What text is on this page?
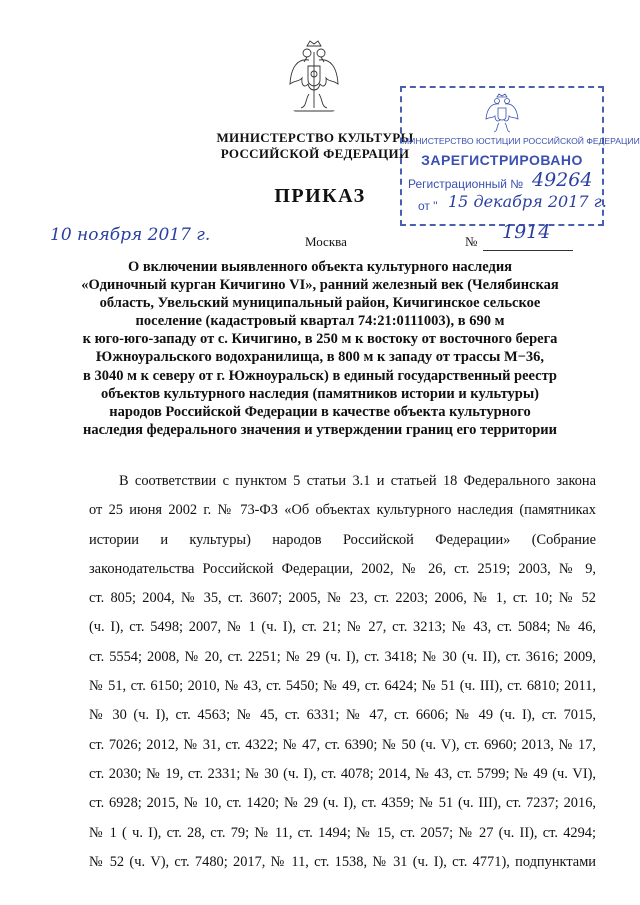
МИНИСТЕРСТВО КУЛЬТУРЫ
РОССИЙСКОЙ ФЕДЕРАЦИИ
МИНИСТЕРСТВО ЮСТИЦИИ РОССИЙСКОЙ ФЕДЕРАЦИИ
ЗАРЕГИСТРИРОВАНО
Регистрационный № 49264
от " 15 декабря 2017 г.
ПРИКАЗ
10 ноября 2017 г.	Москва	№ 1914
О включении выявленного объекта культурного наследия
«Одиночный курган Кичигино VI», ранний железный век (Челябинская
область, Увельский муниципальный район, Кичигинское сельское
поселение (кадастровый квартал 74:21:0111003), в 690 м
к юго-юго-западу от с. Кичигино, в 250 м к востоку от восточного берега
Южноуральского водохранилища, в 800 м к западу от трассы М−36,
в 3040 м к северу от г. Южноуральск) в единый государственный реестр
объектов культурного наследия (памятников истории и культуры)
народов Российской Федерации в качестве объекта культурного
наследия федерального значения и утверждении границ его территории
В соответствии с пунктом 5 статьи 3.1 и статьей 18 Федерального закона
от 25 июня 2002 г. № 73-ФЗ «Об объектах культурного наследия (памятниках
истории и культуры) народов Российской Федерации» (Собрание
законодательства Российской Федерации, 2002, № 26, ст. 2519; 2003, № 9,
ст. 805; 2004, № 35, ст. 3607; 2005, № 23, ст. 2203; 2006, № 1, ст. 10; № 52
(ч. I), ст. 5498; 2007, № 1 (ч. I), ст. 21; № 27, ст. 3213; № 43, ст. 5084; № 46,
ст. 5554; 2008, № 20, ст. 2251; № 29 (ч. I), ст. 3418; № 30 (ч. II), ст. 3616; 2009,
№ 51, ст. 6150; 2010, № 43, ст. 5450; № 49, ст. 6424; № 51 (ч. III), ст. 6810; 2011,
№ 30 (ч. I), ст. 4563; № 45, ст. 6331; № 47, ст. 6606; № 49 (ч. I), ст. 7015,
ст. 7026; 2012, № 31, ст. 4322; № 47, ст. 6390; № 50 (ч. V), ст. 6960; 2013, № 17,
ст. 2030; № 19, ст. 2331; № 30 (ч. I), ст. 4078; 2014, № 43, ст. 5799; № 49 (ч. VI),
ст. 6928; 2015, № 10, ст. 1420; № 29 (ч. I), ст. 4359; № 51 (ч. III), ст. 7237; 2016,
№ 1 ( ч. I), ст. 28, ст. 79; № 11, ст. 1494; № 15, ст. 2057; № 27 (ч. II), ст. 4294;
№ 52 (ч. V), ст. 7480; 2017, № 11, ст. 1538, № 31 (ч. I), ст. 4771), подпунктами
